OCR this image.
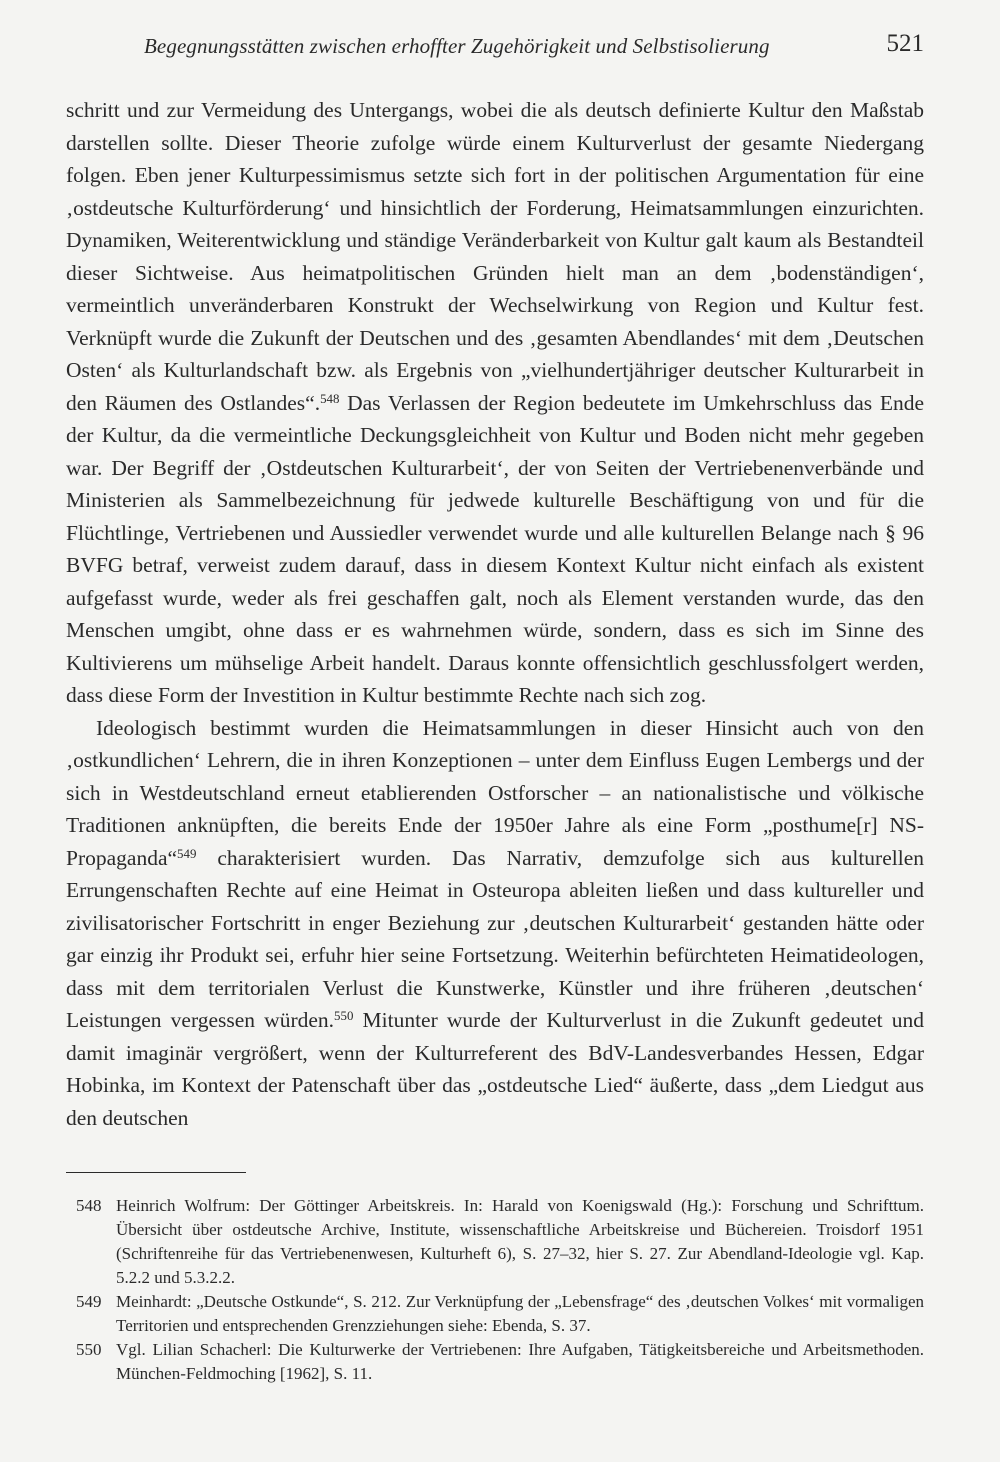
Begegnungsstätten zwischen erhoffter Zugehörigkeit und Selbstisolierung	521

schritt und zur Vermeidung des Untergangs, wobei die als deutsch definierte Kultur den Maßstab darstellen sollte. Dieser Theorie zufolge würde einem Kulturverlust der gesamte Niedergang folgen. Eben jener Kulturpessimismus setzte sich fort in der politischen Argumentation für eine ‚ostdeutsche Kulturförderung‘ und hinsichtlich der Forderung, Heimatsammlungen einzurichten. Dynamiken, Weiterentwicklung und ständige Veränderbarkeit von Kultur galt kaum als Bestandteil dieser Sichtweise. Aus heimatpolitischen Gründen hielt man an dem ‚bodenständigen‘, vermeintlich unveränderbaren Konstrukt der Wechselwirkung von Region und Kultur fest. Verknüpft wurde die Zukunft der Deutschen und des ‚gesamten Abendlandes‘ mit dem ‚Deutschen Osten‘ als Kulturlandschaft bzw. als Ergebnis von „vielhundertjähriger deutscher Kulturarbeit in den Räumen des Ostlandes“.$^{548}$ Das Verlassen der Region bedeutete im Umkehrschluss das Ende der Kultur, da die vermeintliche Deckungsgleichheit von Kultur und Boden nicht mehr gegeben war. Der Begriff der ‚Ostdeutschen Kulturarbeit‘, der von Seiten der Vertriebenenverbände und Ministerien als Sammelbezeichnung für jedwede kulturelle Beschäftigung von und für die Flüchtlinge, Vertriebenen und Aussiedler verwendet wurde und alle kulturellen Belange nach § 96 BVFG betraf, verweist zudem darauf, dass in diesem Kontext Kultur nicht einfach als existent aufgefasst wurde, weder als frei geschaffen galt, noch als Element verstanden wurde, das den Menschen umgibt, ohne dass er es wahrnehmen würde, sondern, dass es sich im Sinne des Kultivierens um mühselige Arbeit handelt. Daraus konnte offensichtlich geschlussfolgert werden, dass diese Form der Investition in Kultur bestimmte Rechte nach sich zog.

Ideologisch bestimmt wurden die Heimatsammlungen in dieser Hinsicht auch von den ‚ostkundlichen‘ Lehrern, die in ihren Konzeptionen – unter dem Einfluss Eugen Lembergs und der sich in Westdeutschland erneut etablierenden Ostforscher – an nationalistische und völkische Traditionen anknüpften, die bereits Ende der 1950er Jahre als eine Form „posthume[r] NS-Propaganda“$^{549}$ charakterisiert wurden. Das Narrativ, demzufolge sich aus kulturellen Errungenschaften Rechte auf eine Heimat in Osteuropa ableiten ließen und dass kultureller und zivilisatorischer Fortschritt in enger Beziehung zur ‚deutschen Kulturarbeit‘ gestanden hätte oder gar einzig ihr Produkt sei, erfuhr hier seine Fortsetzung. Weiterhin befürchteten Heimatideologen, dass mit dem territorialen Verlust die Kunstwerke, Künstler und ihre früheren ‚deutschen‘ Leistungen vergessen würden.$^{550}$ Mitunter wurde der Kulturverlust in die Zukunft gedeutet und damit imaginär vergrößert, wenn der Kulturreferent des BdV-Landesverbandes Hessen, Edgar Hobinka, im Kontext der Patenschaft über das „ostdeutsche Lied“ äußerte, dass „dem Liedgut aus den deutschen

548 Heinrich Wolfrum: Der Göttinger Arbeitskreis. In: Harald von Koenigswald (Hg.): Forschung und Schrifttum. Übersicht über ostdeutsche Archive, Institute, wissenschaftliche Arbeitskreise und Büchereien. Troisdorf 1951 (Schriftenreihe für das Vertriebenenwesen, Kulturheft 6), S. 27–32, hier S. 27. Zur Abendland-Ideologie vgl. Kap. 5.2.2 und 5.3.2.2.
549 Meinhardt: „Deutsche Ostkunde“, S. 212. Zur Verknüpfung der „Lebensfrage“ des ‚deutschen Volkes‘ mit vormaligen Territorien und entsprechenden Grenzziehungen siehe: Ebenda, S. 37.
550 Vgl. Lilian Schacherl: Die Kulturwerke der Vertriebenen: Ihre Aufgaben, Tätigkeitsbereiche und Arbeitsmethoden. München-Feldmoching [1962], S. 11.
